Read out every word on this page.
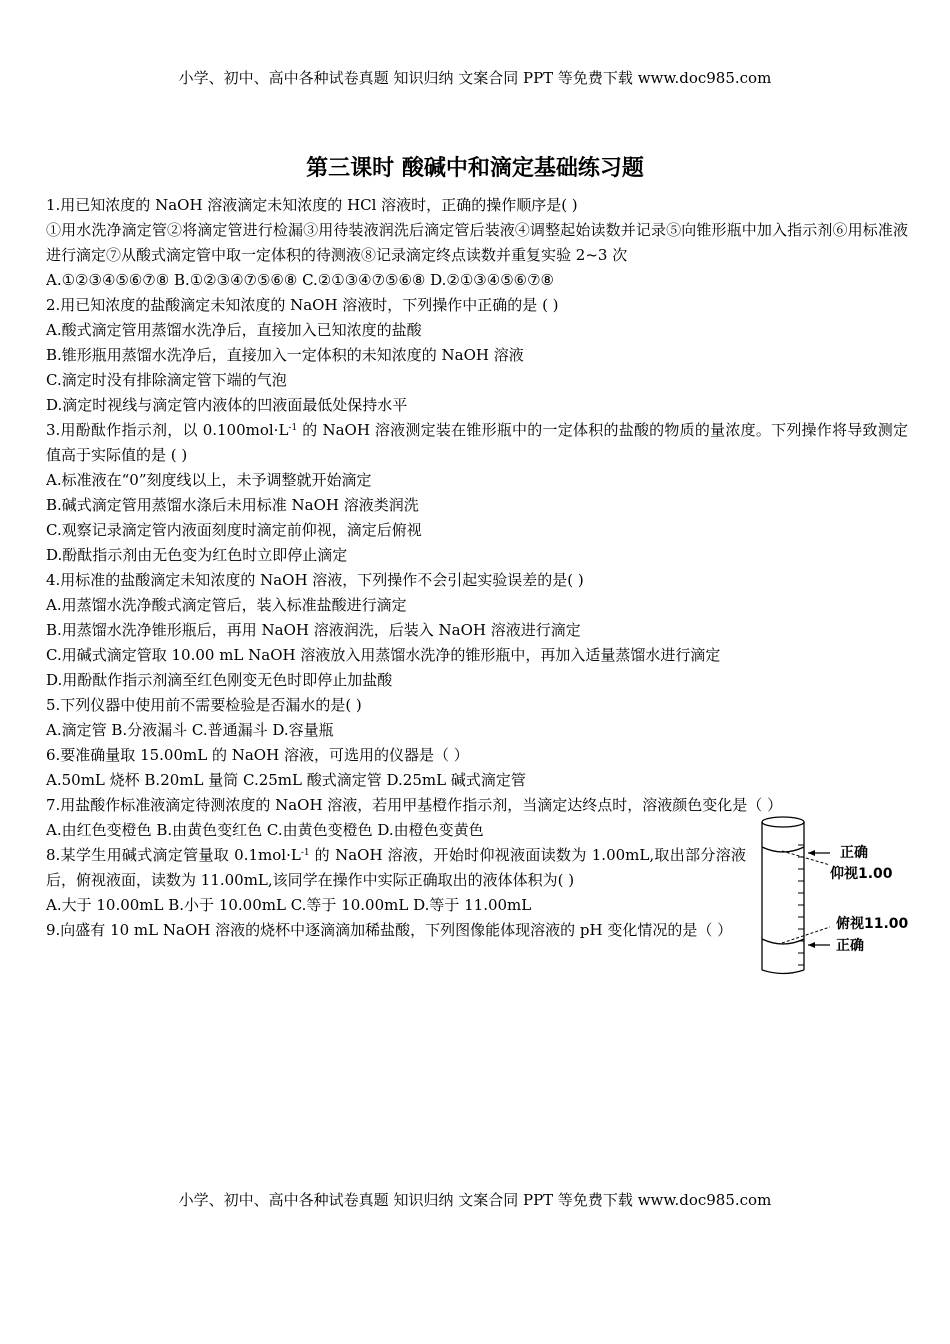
小学、初中、高中各种试卷真题 知识归纳 文案合同 PPT 等免费下载 www.doc985.com
第三课时 酸碱中和滴定基础练习题
1.用已知浓度的 NaOH 溶液滴定未知浓度的 HCl 溶液时，正确的操作顺序是( )
①用水洗净滴定管②将滴定管进行检漏③用待装液润洗后滴定管后装液④调整起始读数并记录⑤向锥形瓶中加入指示剂⑥用标准液进行滴定⑦从酸式滴定管中取一定体积的待测液⑧记录滴定终点读数并重复实验 2~3 次
A.①②③④⑤⑥⑦⑧ B.①②③④⑦⑤⑥⑧ C.②①③④⑦⑤⑥⑧ D.②①③④⑤⑥⑦⑧
2.用已知浓度的盐酸滴定未知浓度的 NaOH 溶液时，下列操作中正确的是 ( )
A.酸式滴定管用蒸馏水洗净后，直接加入已知浓度的盐酸
B.锥形瓶用蒸馏水洗净后，直接加入一定体积的未知浓度的 NaOH 溶液
C.滴定时没有排除滴定管下端的气泡
D.滴定时视线与滴定管内液体的凹液面最低处保持水平
3.用酚酞作指示剂，以 $0.100mol\cdot L^{-1}$ 的 NaOH 溶液测定装在锥形瓶中的一定体积的盐酸的物质的量浓度。下列操作将导致测定值高于实际值的是 ( )
A.标准液在“0”刻度线以上，未予调整就开始滴定
B.碱式滴定管用蒸馏水涤后未用标准 NaOH 溶液类润洗
C.观察记录滴定管内液面刻度时滴定前仰视，滴定后俯视
D.酚酞指示剂由无色变为红色时立即停止滴定
4.用标准的盐酸滴定未知浓度的 NaOH 溶液，下列操作不会引起实验误差的是( )
A.用蒸馏水洗净酸式滴定管后，装入标准盐酸进行滴定
B.用蒸馏水洗净锥形瓶后，再用 NaOH 溶液润洗，后装入 NaOH 溶液进行滴定
C.用碱式滴定管取 10.00 mL NaOH 溶液放入用蒸馏水洗净的锥形瓶中，再加入适量蒸馏水进行滴定
D.用酚酞作指示剂滴至红色刚变无色时即停止加盐酸
5.下列仪器中使用前不需要检验是否漏水的是( )
A.滴定管 B.分液漏斗 C.普通漏斗 D.容量瓶
6.要准确量取 15.00mL 的 NaOH 溶液，可选用的仪器是（ ）
A.50mL 烧杯 B.20mL 量筒 C.25mL 酸式滴定管 D.25mL 碱式滴定管
7.用盐酸作标准液滴定待测浓度的 NaOH 溶液，若用甲基橙作指示剂，当滴定达终点时，溶液颜色变化是（ ）
A.由红色变橙色 B.由黄色变红色 C.由黄色变橙色 D.由橙色变黄色
8.某学生用碱式滴定管量取 $0.1mol\cdot L^{-1}$ 的 NaOH 溶液，开始时仰视液面读数为 1.00mL,取出部分溶液后，俯视液面，读数为 11.00mL,该同学在操作中实际正确取出的液体体积为( )
A.大于 10.00mL B.小于 10.00mL C.等于 10.00mL D.等于 11.00mL
9.向盛有 10 mL NaOH 溶液的烧杯中逐滴滴加稀盐酸，下列图像能体现溶液的 pH 变化情况的是（ ）
正确
仰视1.00
俯视11.00
正确
小学、初中、高中各种试卷真题 知识归纳 文案合同 PPT 等免费下载 www.doc985.com
